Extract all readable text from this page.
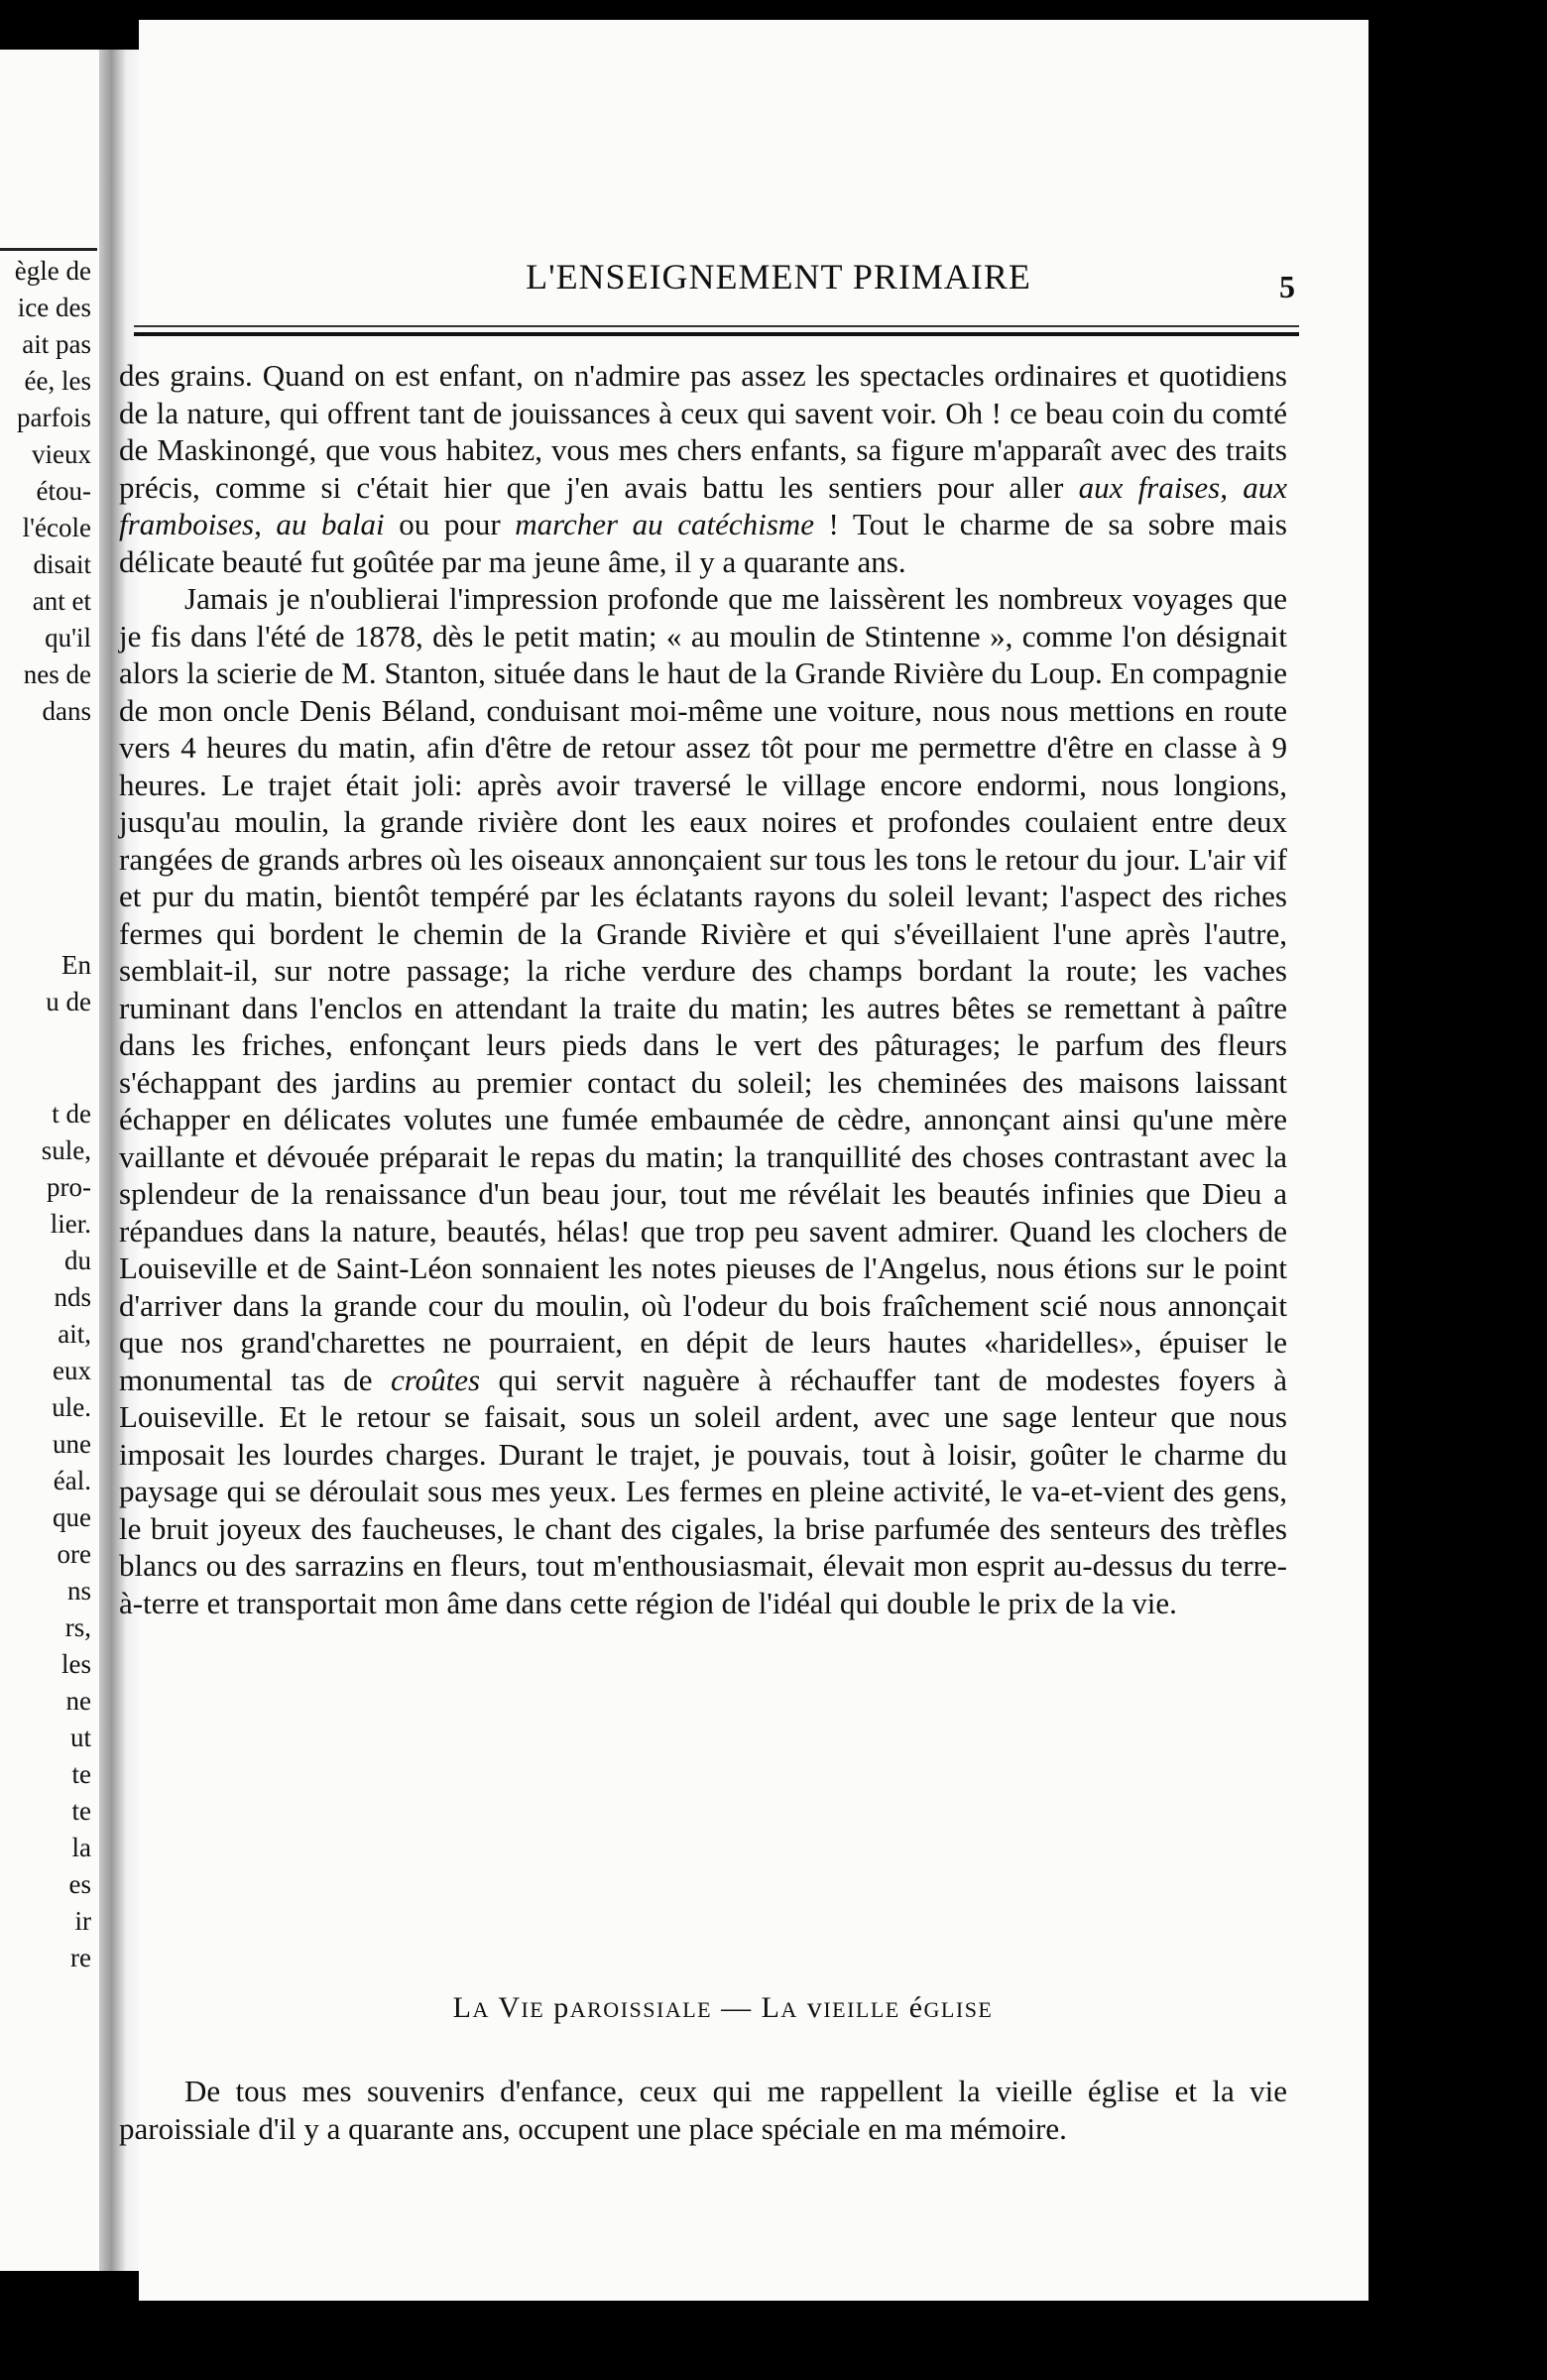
ègle de
ice des
ait pas
ée, les
parfois
vieux
étou-
l'école
disait
ant et
qu'il
nes de
dans
En
u de
t de
sule,
pro-
lier.
du
nds
ait,
eux
ule.
une
éal.
que
ore
ns
rs,
les
ne
ut
te
te
la
es
ir
re
L'ENSEIGNEMENT PRIMAIRE	5

des grains. Quand on est enfant, on n'admire pas assez les spectacles ordinaires et quotidiens de la nature, qui offrent tant de jouissances à ceux qui savent voir. Oh ! ce beau coin du comté de Maskinongé, que vous habitez, vous mes chers enfants, sa figure m'apparaît avec des traits précis, comme si c'était hier que j'en avais battu les sentiers pour aller aux fraises, aux framboises, au balai ou pour marcher au catéchisme ! Tout le charme de sa sobre mais délicate beauté fut goûtée par ma jeune âme, il y a quarante ans.

Jamais je n'oublierai l'impression profonde que me laissèrent les nombreux voyages que je fis dans l'été de 1878, dès le petit matin; « au moulin de Stintenne », comme l'on désignait alors la scierie de M. Stanton, située dans le haut de la Grande Rivière du Loup. En compagnie de mon oncle Denis Béland, conduisant moi-même une voiture, nous nous mettions en route vers 4 heures du matin, afin d'être de retour assez tôt pour me permettre d'être en classe à 9 heures. Le trajet était joli: après avoir traversé le village encore endormi, nous longions, jusqu'au moulin, la grande rivière dont les eaux noires et profondes coulaient entre deux rangées de grands arbres où les oiseaux annonçaient sur tous les tons le retour du jour. L'air vif et pur du matin, bientôt tempéré par les éclatants rayons du soleil levant; l'aspect des riches fermes qui bordent le chemin de la Grande Rivière et qui s'éveillaient l'une après l'autre, semblait-il, sur notre passage; la riche verdure des champs bordant la route; les vaches ruminant dans l'enclos en attendant la traite du matin; les autres bêtes se remettant à paître dans les friches, enfonçant leurs pieds dans le vert des pâturages; le parfum des fleurs s'échappant des jardins au premier contact du soleil; les cheminées des maisons laissant échapper en délicates volutes une fumée embaumée de cèdre, annonçant ainsi qu'une mère vaillante et dévouée préparait le repas du matin; la tranquillité des choses contrastant avec la splendeur de la renaissance d'un beau jour, tout me révélait les beautés infinies que Dieu a répandues dans la nature, beautés, hélas! que trop peu savent admirer. Quand les clochers de Louiseville et de Saint-Léon sonnaient les notes pieuses de l'Angelus, nous étions sur le point d'arriver dans la grande cour du moulin, où l'odeur du bois fraîchement scié nous annonçait que nos grand'charettes ne pourraient, en dépit de leurs hautes «haridelles», épuiser le monumental tas de croûtes qui servit naguère à réchauffer tant de modestes foyers à Louiseville. Et le retour se faisait, sous un soleil ardent, avec une sage lenteur que nous imposait les lourdes charges. Durant le trajet, je pouvais, tout à loisir, goûter le charme du paysage qui se déroulait sous mes yeux. Les fermes en pleine activité, le va-et-vient des gens, le bruit joyeux des faucheuses, le chant des cigales, la brise parfumée des senteurs des trèfles blancs ou des sarrazins en fleurs, tout m'enthousiasmait, élevait mon esprit au-dessus du terre-à-terre et transportait mon âme dans cette région de l'idéal qui double le prix de la vie.

LA VIE pAROISSIALE — LA vIEILLE éGLISE

De tous mes souvenirs d'enfance, ceux qui me rappellent la vieille église et la vie paroissiale d'il y a quarante ans, occupent une place spéciale en ma mémoire.
